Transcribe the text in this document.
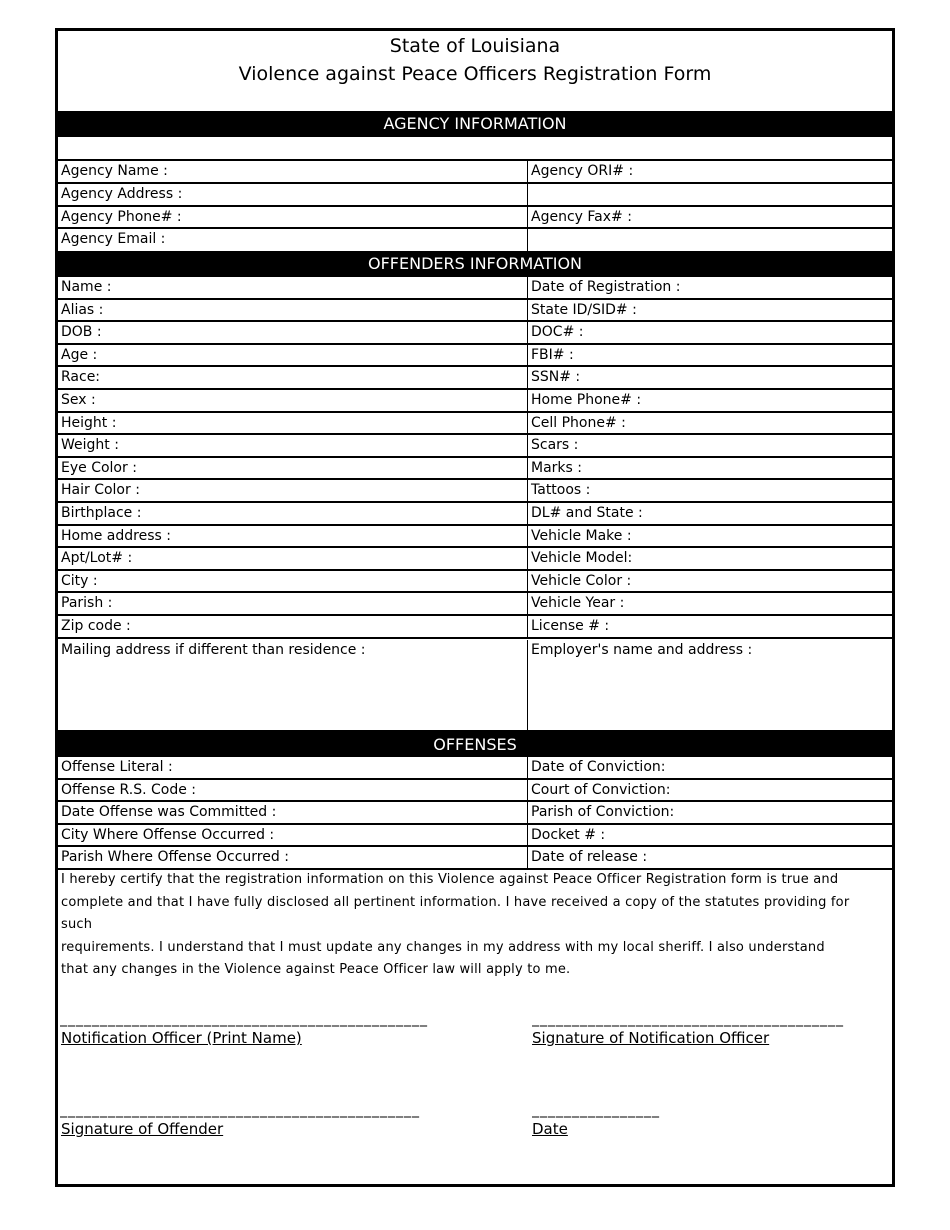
State of Louisiana
Violence against Peace Officers Registration Form
AGENCY INFORMATION
Agency Name :	Agency ORI# :
Agency Address :
Agency Phone# :	Agency Fax# :
Agency Email :
OFFENDERS INFORMATION
Name :	Date of Registration :
Alias :	State ID/SID# :
DOB :	DOC# :
Age :	FBI# :
Race:	SSN# :
Sex :	Home Phone# :
Height :	Cell Phone# :
Weight :	Scars :
Eye Color :	Marks :
Hair Color :	Tattoos :
Birthplace :	DL# and State :
Home address :	Vehicle Make :
Apt/Lot# :	Vehicle Model:
City :	Vehicle Color :
Parish :	Vehicle Year :
Zip code :	License # :
Mailing address if different than residence :	Employer's name and address :
OFFENSES
Offense Literal :	Date of Conviction:
Offense R.S. Code :	Court of Conviction:
Date Offense was Committed :	Parish of Conviction:
City Where Offense Occurred :	Docket # :
Parish Where Offense Occurred :	Date of release :
I hereby certify that the registration information on this Violence against Peace Officer Registration form is true and
complete and that I have fully disclosed all pertinent information. I have received a copy of the statutes providing for such
requirements. I understand that I must update any changes in my address with my local sheriff. I also understand
that any changes in the Violence against Peace Officer law will apply to me.
______________________________________________
Notification Officer (Print Name)
_______________________________________
Signature of Notification Officer
_____________________________________________
Signature of Offender
________________
Date
